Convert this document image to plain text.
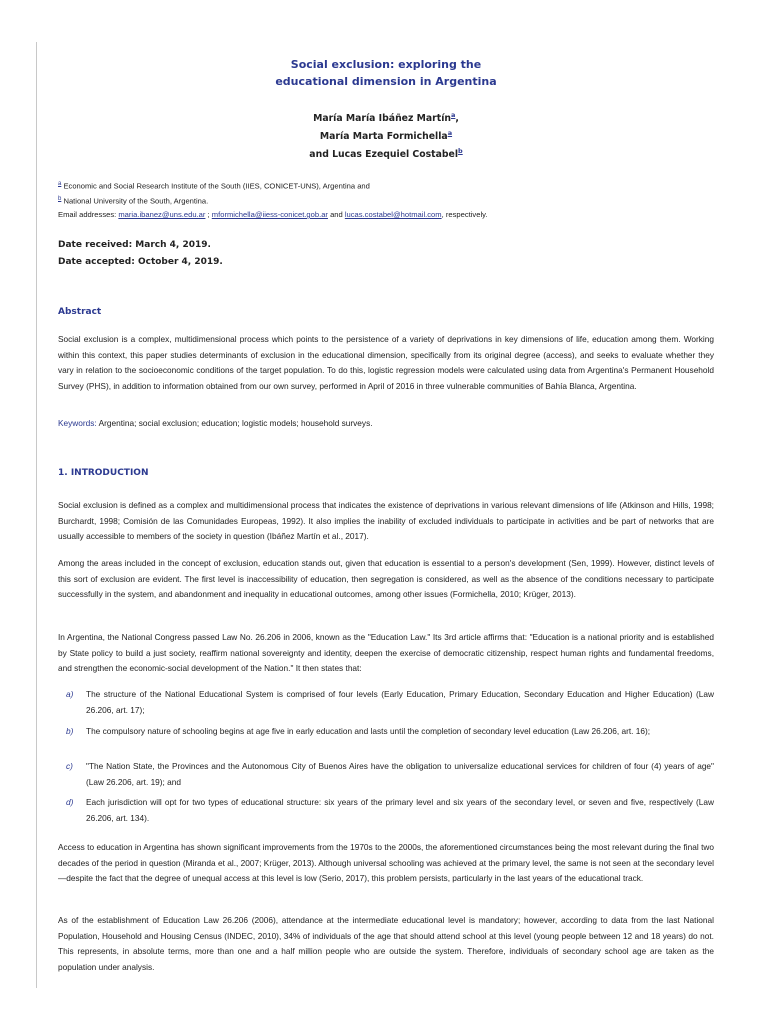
Social exclusion: exploring the
educational dimension in Argentina
María María Ibáñez Martín$^a$,
María Marta Formichella$^a$
and Lucas Ezequiel Costabel$^b$
$^a$ Economic and Social Research Institute of the South (IIES, CONICET-UNS), Argentina and
$^b$ National University of the South, Argentina.
Email addresses: maria.ibanez@uns.edu.ar ; mformichella@iiess-conicet.gob.ar and lucas.costabel@hotmail.com, respectively.
Date received: March 4, 2019.
Date accepted: October 4, 2019.
Abstract
Social exclusion is a complex, multidimensional process which points to the persistence of a variety of deprivations in key dimensions of life, education among them. Working within this context, this paper studies determinants of exclusion in the educational dimension, specifically from its original degree (access), and seeks to evaluate whether they vary in relation to the socioeconomic conditions of the target population. To do this, logistic regression models were calculated using data from Argentina's Permanent Household Survey (PHS), in addition to information obtained from our own survey, performed in April of 2016 in three vulnerable communities of Bahía Blanca, Argentina.
Keywords: Argentina; social exclusion; education; logistic models; household surveys.
1. INTRODUCTION
Social exclusion is defined as a complex and multidimensional process that indicates the existence of deprivations in various relevant dimensions of life (Atkinson and Hills, 1998; Burchardt, 1998; Comisión de las Comunidades Europeas, 1992). It also implies the inability of excluded individuals to participate in activities and be part of networks that are usually accessible to members of the society in question (Ibáñez Martín et al., 2017).
Among the areas included in the concept of exclusion, education stands out, given that education is essential to a person's development (Sen, 1999). However, distinct levels of this sort of exclusion are evident. The first level is inaccessibility of education, then segregation is considered, as well as the absence of the conditions necessary to participate successfully in the system, and abandonment and inequality in educational outcomes, among other issues (Formichella, 2010; Krüger, 2013).
In Argentina, the National Congress passed Law No. 26.206 in 2006, known as the "Education Law." Its 3rd article affirms that: "Education is a national priority and is established by State policy to build a just society, reaffirm national sovereignty and identity, deepen the exercise of democratic citizenship, respect human rights and fundamental freedoms, and strengthen the economic-social development of the Nation." It then states that:
a) The structure of the National Educational System is comprised of four levels (Early Education, Primary Education, Secondary Education and Higher Education) (Law 26.206, art. 17);
b) The compulsory nature of schooling begins at age five in early education and lasts until the completion of secondary level education (Law 26.206, art. 16);
c) "The Nation State, the Provinces and the Autonomous City of Buenos Aires have the obligation to universalize educational services for children of four (4) years of age" (Law 26.206, art. 19); and
d) Each jurisdiction will opt for two types of educational structure: six years of the primary level and six years of the secondary level, or seven and five, respectively (Law 26.206, art. 134).
Access to education in Argentina has shown significant improvements from the 1970s to the 2000s, the aforementioned circumstances being the most relevant during the final two decades of the period in question (Miranda et al., 2007; Krüger, 2013). Although universal schooling was achieved at the primary level, the same is not seen at the secondary level—despite the fact that the degree of unequal access at this level is low (Serio, 2017), this problem persists, particularly in the last years of the educational track.
As of the establishment of Education Law 26.206 (2006), attendance at the intermediate educational level is mandatory; however, according to data from the last National Population, Household and Housing Census (INDEC, 2010), 34% of individuals of the age that should attend school at this level (young people between 12 and 18 years) do not. This represents, in absolute terms, more than one and a half million people who are outside the system. Therefore, individuals of secondary school age are taken as the population under analysis.
